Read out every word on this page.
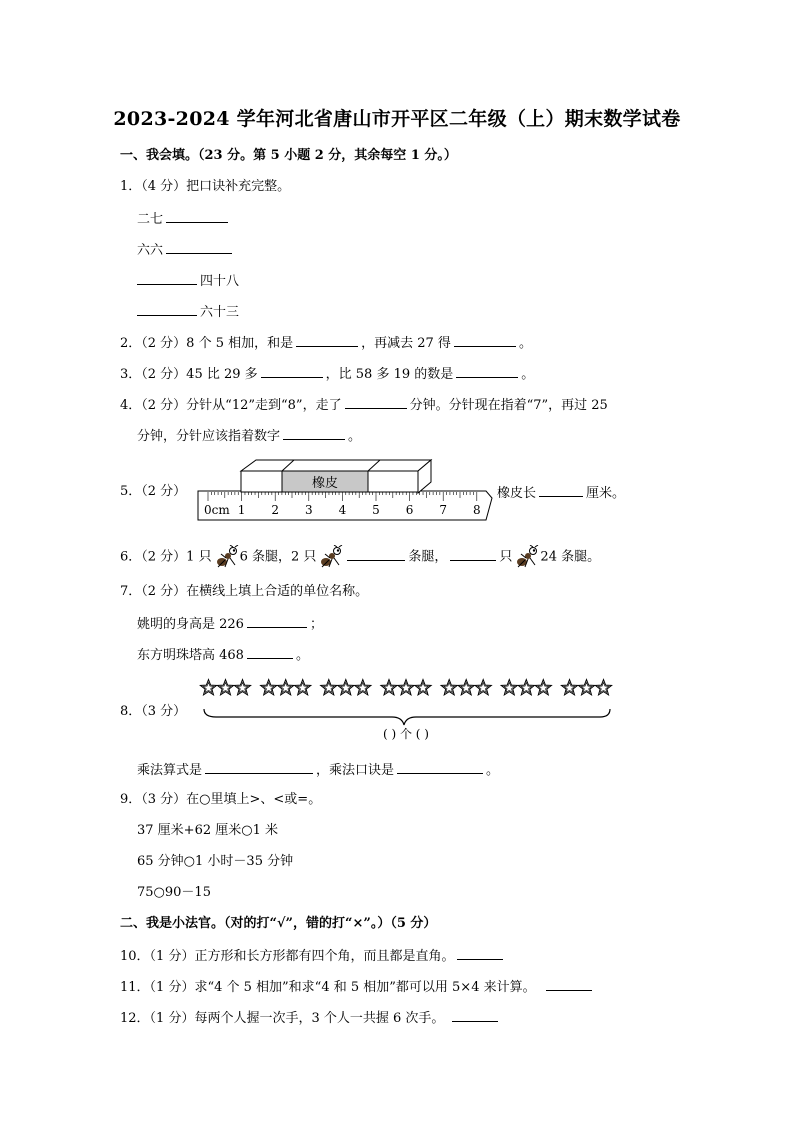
2023-2024 学年河北省唐山市开平区二年级（上）期末数学试卷
一、我会填。（23 分。第 5 小题 2 分，其余每空 1 分。）
1．（4 分）把口诀补充完整。
二七
六六
四十八
六十三
2．（2 分）8 个 5 相加，和是	，再减去 27 得	。
3．（2 分）45 比 29 多	，比 58 多 19 的数是	。
4．（2 分）分针从“12”走到“8”，走了	分钟。分针现在指着“7”，再过 25
分钟，分针应该指着数字	。
5．（2 分）
橡皮
0cm 1 2 3 4 5 6 7 8
橡皮长	厘米。
6．（2 分）1 只 6 条腿，2 只	条腿，	只 24 条腿。
7．（2 分）在横线上填上合适的单位名称。
姚明的身高是 226	；
东方明珠塔高 468	。
8．（3 分）
( ) 个 ( )
乘法算式是	，乘法口诀是	。
9．（3 分）在○里填上>、<或=。
37 厘米+62 厘米○1 米
65 分钟○1 小时－35 分钟
75○90－15
二、我是小法官。（对的打“√”，错的打“×”。）（5 分）
10．（1 分）正方形和长方形都有四个角，而且都是直角。
11．（1 分）求“4 个 5 相加”和求“4 和 5 相加”都可以用 5×4 来计算。
12．（1 分）每两个人握一次手，3 个人一共握 6 次手。
